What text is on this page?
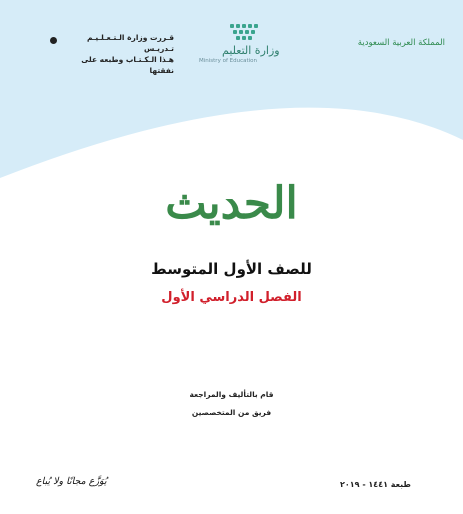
المملكة العربية السعودية
وزارة التعليم
Ministry of Education
قـررت وزارة الـتـعـلـيـم تـدريـس
هـذا الـكـتـاب وطبعه على نفقتها
الحديث
للصف الأول المتوسط
الفصل الدراسي الأول
قام بالتأليف والمراجعة
فريق من المتخصصين
طبعة ١٤٤١ - ٢٠١٩
يُوَزَّع مجانًا ولا يُباع
